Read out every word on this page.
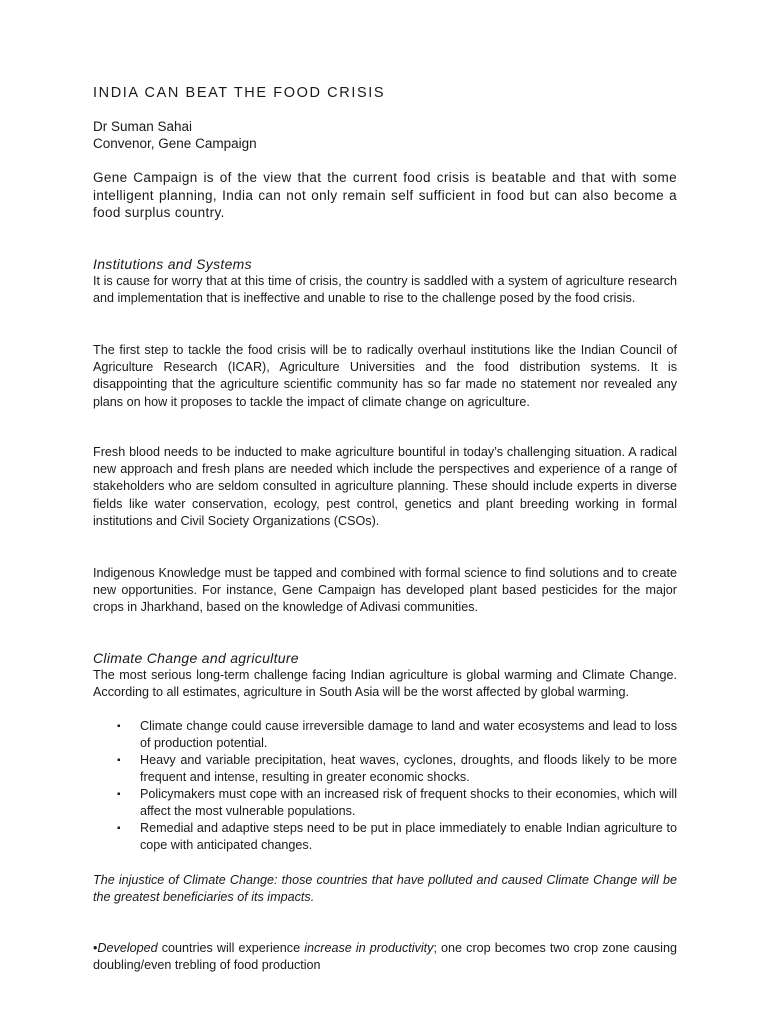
INDIA CAN BEAT THE FOOD CRISIS
Dr Suman Sahai
Convenor, Gene Campaign

Gene Campaign is of the view that the current food crisis is beatable and that with some intelligent planning, India can not only remain self sufficient in food but can also become a food surplus country.

Institutions and Systems

It is cause for worry that at this time of crisis, the country is saddled with a system of agriculture research and implementation that is ineffective and unable to rise to the challenge posed by the food crisis.

The first step to tackle the food crisis will be to radically overhaul institutions like the Indian Council of Agriculture Research (ICAR), Agriculture Universities and the food distribution systems. It is disappointing that the agriculture scientific community has so far made no statement nor revealed any plans on how it proposes to tackle the impact of climate change on agriculture.

Fresh blood needs to be inducted to make agriculture bountiful in today’s challenging situation. A radical new approach and fresh plans are needed which include the perspectives and experience of a range of stakeholders who are seldom consulted in agriculture planning. These should include experts in diverse fields like water conservation, ecology, pest control, genetics and plant breeding working in formal institutions and Civil Society Organizations (CSOs).

Indigenous Knowledge must be tapped and combined with formal science to find solutions and to create new opportunities. For instance, Gene Campaign has developed plant based pesticides for the major crops in Jharkhand, based on the knowledge of Adivasi communities.

Climate Change and agriculture

The most serious long-term challenge facing Indian agriculture is global warming and Climate Change. According to all estimates, agriculture in South Asia will be the worst affected by global warming.

▪ Climate change could cause irreversible damage to land and water ecosystems and lead to loss of production potential.
▪ Heavy and variable precipitation, heat waves, cyclones, droughts, and floods likely to be more frequent and intense, resulting in greater economic shocks.
▪ Policymakers must cope with an increased risk of frequent shocks to their economies, which will affect the most vulnerable populations.
▪ Remedial and adaptive steps need to be put in place immediately to enable Indian agriculture to cope with anticipated changes.

The injustice of Climate Change: those countries that have polluted and caused Climate Change will be the greatest beneficiaries of its impacts.

•Developed countries will experience increase in productivity; one crop becomes two crop zone causing doubling/even trebling of food production
